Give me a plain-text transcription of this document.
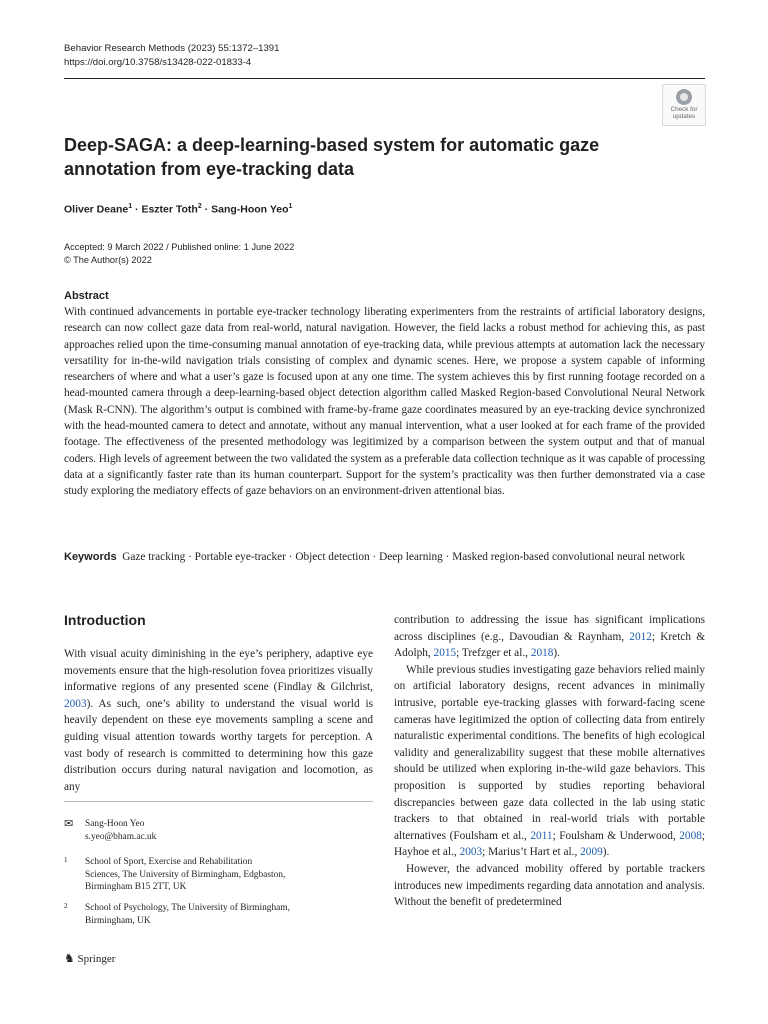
Behavior Research Methods (2023) 55:1372–1391
https://doi.org/10.3758/s13428-022-01833-4
Check for
updates
Deep-SAGA: a deep-learning-based system for automatic gaze
annotation from eye-tracking data
Oliver Deane$^1$ · Eszter Toth$^2$ · Sang-Hoon Yeo$^1$
Accepted: 9 March 2022 / Published online: 1 June 2022
© The Author(s) 2022
Abstract
With continued advancements in portable eye-tracker technology liberating experimenters from the restraints of artificial laboratory designs, research can now collect gaze data from real-world, natural navigation. However, the field lacks a robust method for achieving this, as past approaches relied upon the time-consuming manual annotation of eye-tracking data, while previous attempts at automation lack the necessary versatility for in-the-wild navigation trials consisting of complex and dynamic scenes. Here, we propose a system capable of informing researchers of where and what a user’s gaze is focused upon at any one time. The system achieves this by first running footage recorded on a head-mounted camera through a deep-learning-based object detection algorithm called Masked Region-based Convolutional Neural Network (Mask R-CNN). The algorithm’s output is combined with frame-by-frame gaze coordinates measured by an eye-tracking device synchronized with the head-mounted camera to detect and annotate, without any manual intervention, what a user looked at for each frame of the provided footage. The effectiveness of the presented methodology was legitimized by a comparison between the system output and that of manual coders. High levels of agreement between the two validated the system as a preferable data collection technique as it was capable of processing data at a significantly faster rate than its human counterpart. Support for the system’s practicality was then further demonstrated via a case study exploring the mediatory effects of gaze behaviors on an environment-driven attentional bias.
Keywords Gaze tracking · Portable eye-tracker · Object detection · Deep learning · Masked region-based convolutional neural network
Introduction
With visual acuity diminishing in the eye’s periphery, adaptive eye movements ensure that the high-resolution fovea prioritizes visually informative regions of any presented scene (Findlay & Gilchrist, 2003). As such, one’s ability to understand the visual world is heavily dependent on these eye movements sampling a scene and guiding visual attention towards worthy targets for perception. A vast body of research is committed to determining how this gaze distribution occurs during natural navigation and locomotion, as any
contribution to addressing the issue has significant implications across disciplines (e.g., Davoudian & Raynham, 2012; Kretch & Adolph, 2015; Trefzger et al., 2018).
While previous studies investigating gaze behaviors relied mainly on artificial laboratory designs, recent advances in minimally intrusive, portable eye-tracking glasses with forward-facing scene cameras have legitimized the option of collecting data from entirely naturalistic experimental conditions. The benefits of high ecological validity and generalizability suggest that these mobile alternatives should be utilized when exploring in-the-wild gaze behaviors. This proposition is supported by studies reporting behavioral discrepancies between gaze data collected in the lab using static trackers to that obtained in real-world trials with portable alternatives (Foulsham et al., 2011; Foulsham & Underwood, 2008; Hayhoe et al., 2003; Marius’t Hart et al., 2009).
However, the advanced mobility offered by portable trackers introduces new impediments regarding data annotation and analysis. Without the benefit of predetermined
✉ Sang-Hoon Yeo
s.yeo@bham.ac.uk
1 School of Sport, Exercise and Rehabilitation
Sciences, The University of Birmingham, Edgbaston,
Birmingham B15 2TT, UK
2 School of Psychology, The University of Birmingham,
Birmingham, UK
♞ Springer
